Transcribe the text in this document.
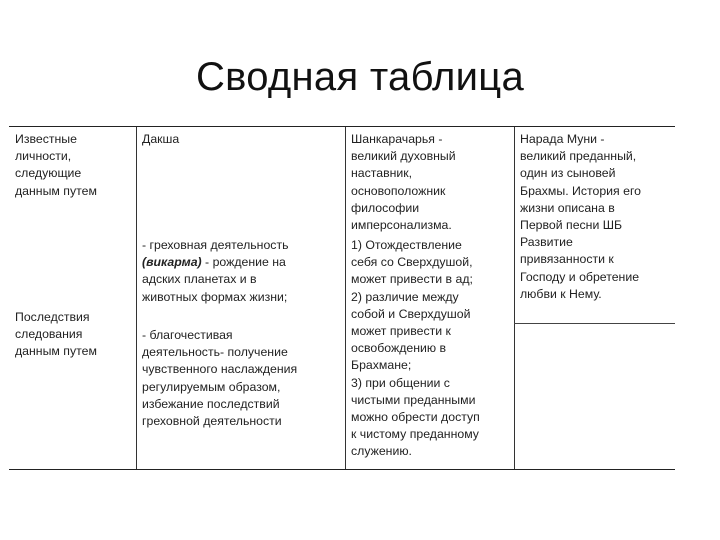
Сводная таблица

Известные
личности,
следующие
данным путем

Последствия
следования
данным путем

Дакша

- греховная деятельность
(викарма) - рождение на
адских планетах и в
животных формах жизни;

- благочестивая
деятельность- получение
чувственного наслаждения
регулируемым образом,
избежание последствий
греховной деятельности

Шанкарачарья -
великий духовный
наставник,
основоположник
философии
имперсонализма.

1) Отождествление
себя со Сверхдушой,
может привести в ад;
2) различие между
собой и Сверхдушой
может привести к
освобождению в
Брахмане;
3) при общении с
чистыми преданными
можно обрести доступ
к чистому преданному
служению.

Нарада Муни -
великий преданный,
один из сыновей
Брахмы. История его
жизни описана в
Первой песни ШБ
Развитие
привязанности к
Господу и обретение
любви к Нему.
